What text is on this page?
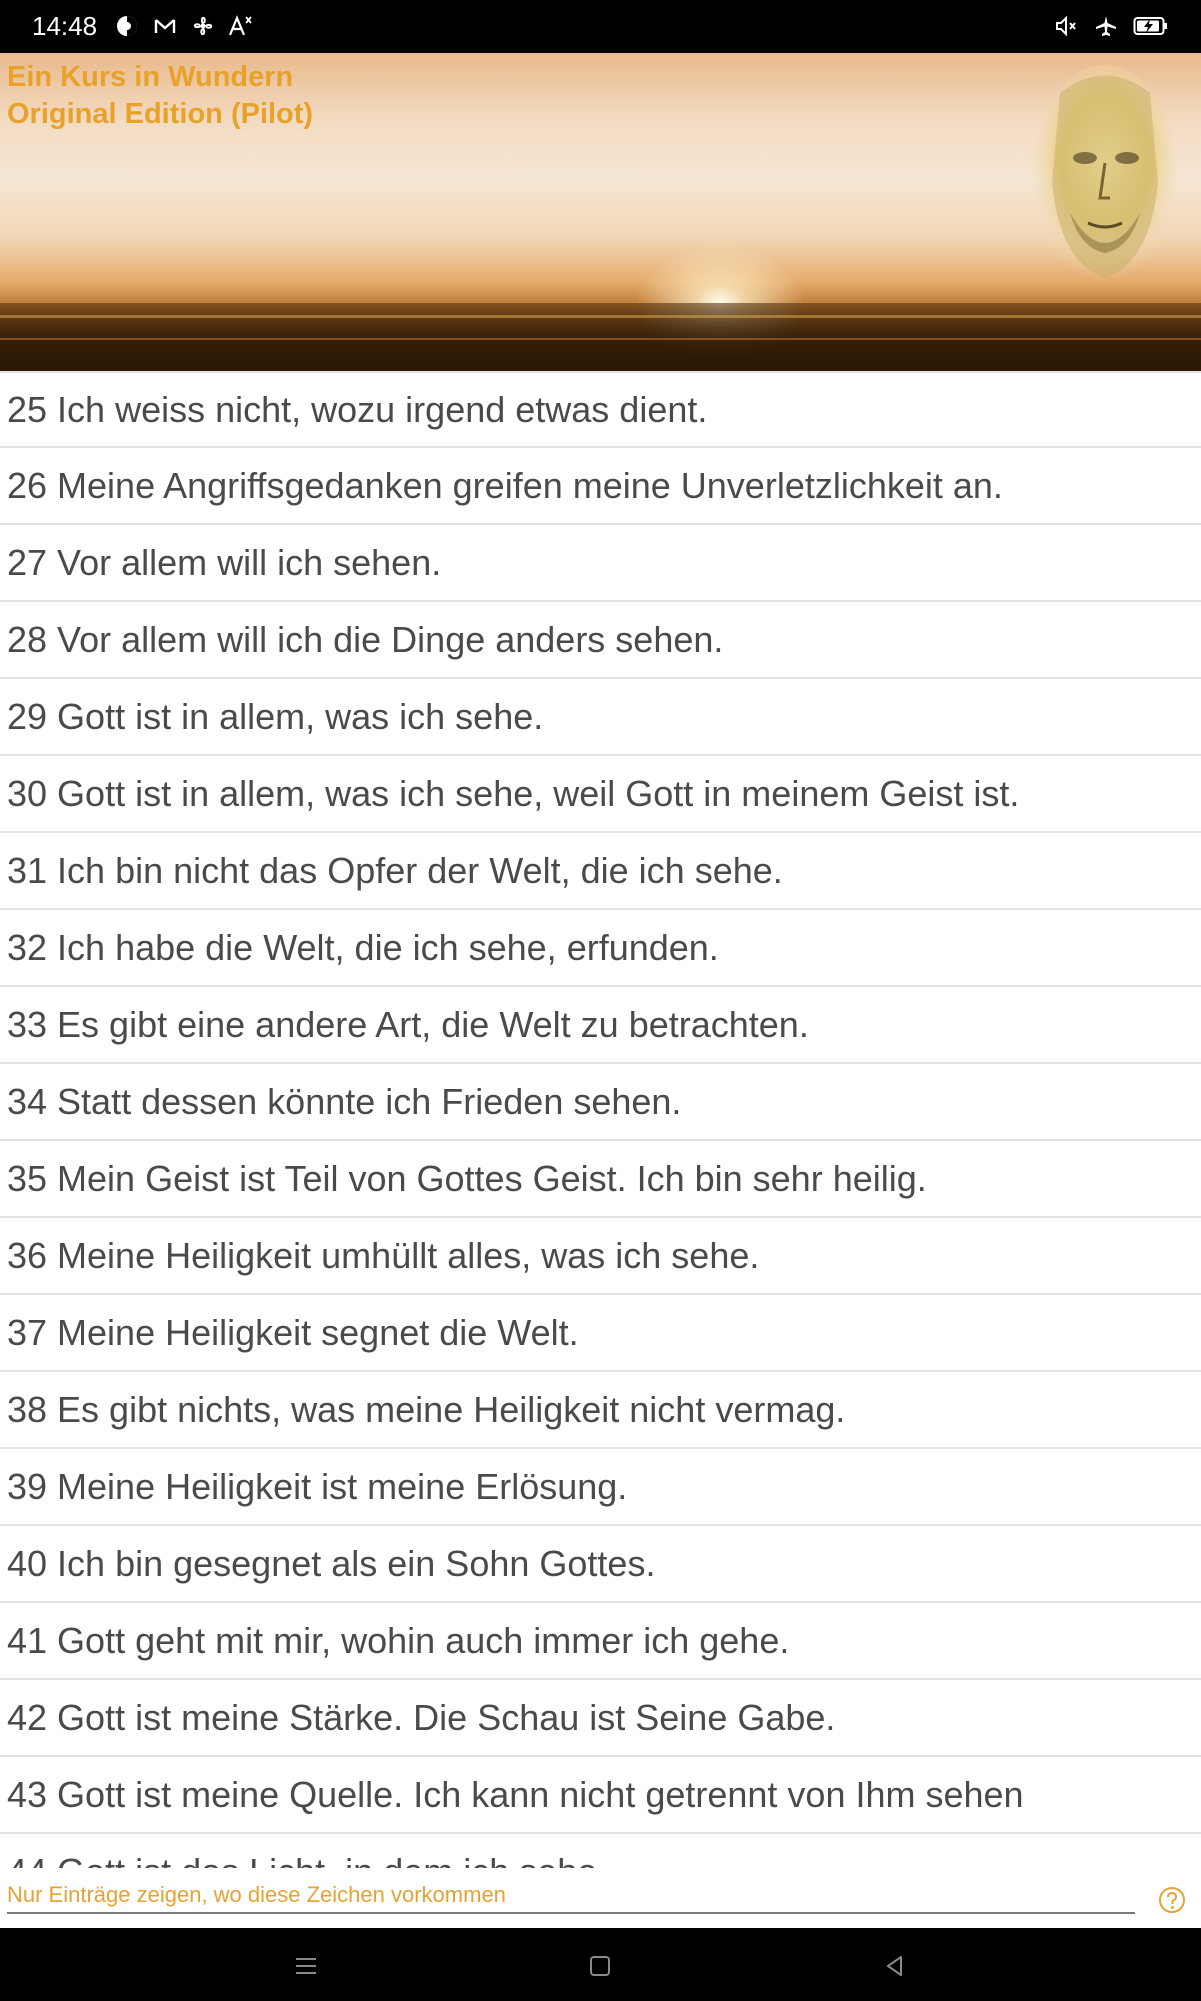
14:48
Ein Kurs in Wundern
Original Edition (Pilot)
25 Ich weiss nicht, wozu irgend etwas dient.
26 Meine Angriffsgedanken greifen meine Unverletzlichkeit an.
27 Vor allem will ich sehen.
28 Vor allem will ich die Dinge anders sehen.
29 Gott ist in allem, was ich sehe.
30 Gott ist in allem, was ich sehe, weil Gott in meinem Geist ist.
31 Ich bin nicht das Opfer der Welt, die ich sehe.
32 Ich habe die Welt, die ich sehe, erfunden.
33 Es gibt eine andere Art, die Welt zu betrachten.
34 Statt dessen könnte ich Frieden sehen.
35 Mein Geist ist Teil von Gottes Geist. Ich bin sehr heilig.
36 Meine Heiligkeit umhüllt alles, was ich sehe.
37 Meine Heiligkeit segnet die Welt.
38 Es gibt nichts, was meine Heiligkeit nicht vermag.
39 Meine Heiligkeit ist meine Erlösung.
40 Ich bin gesegnet als ein Sohn Gottes.
41 Gott geht mit mir, wohin auch immer ich gehe.
42 Gott ist meine Stärke. Die Schau ist Seine Gabe.
43 Gott ist meine Quelle. Ich kann nicht getrennt von Ihm sehen
Nur Einträge zeigen, wo diese Zeichen vorkommen
